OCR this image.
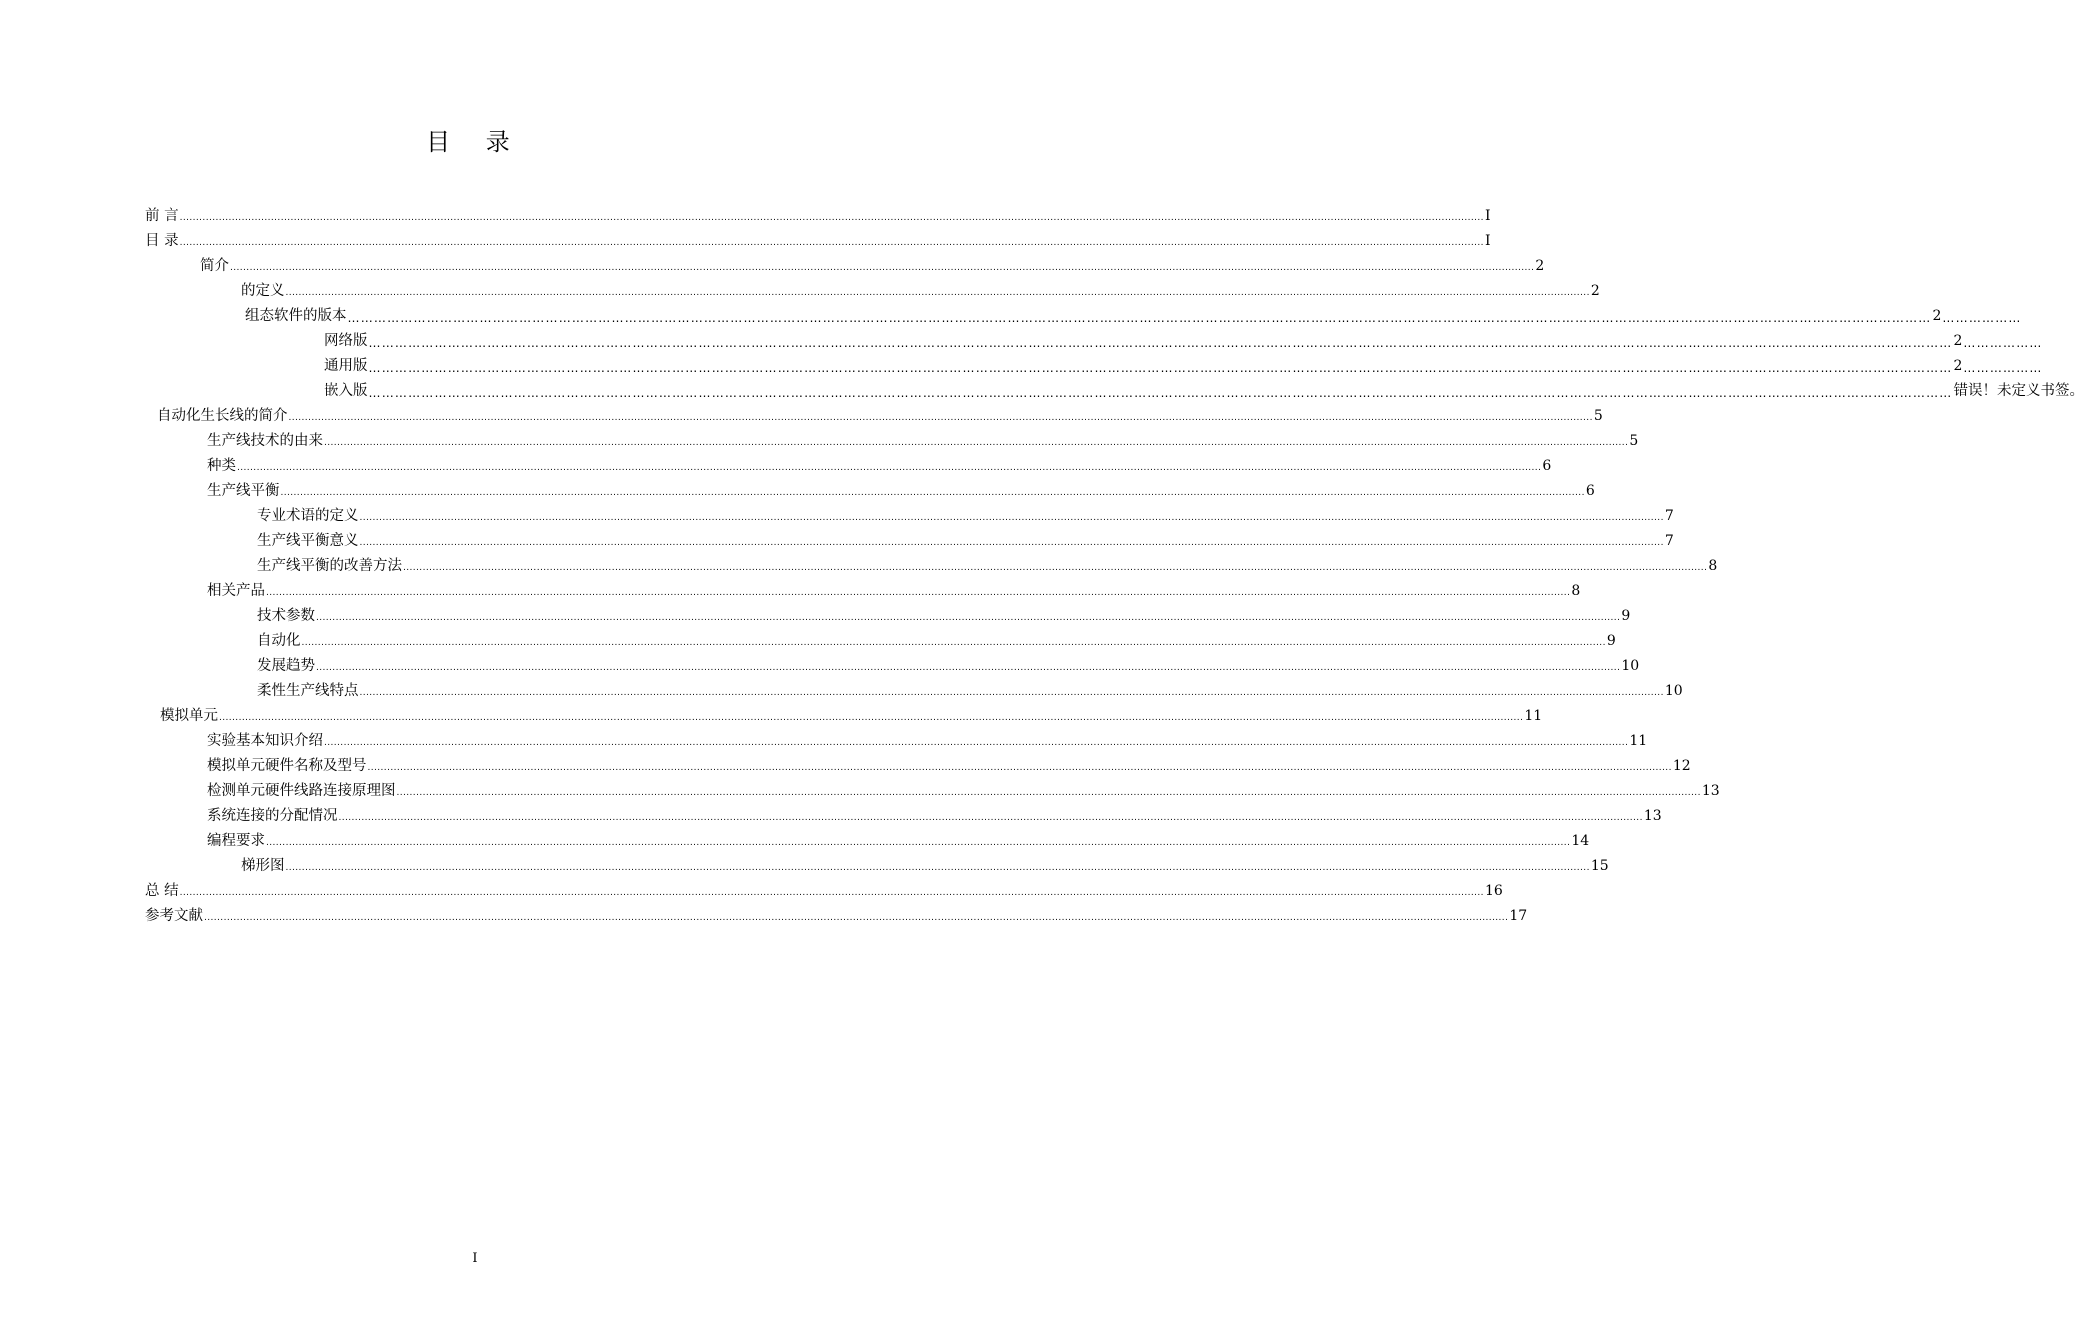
目 录
前 言 ................................................................................................................................................................................................................................................................................................................................................................................................................ I
目 录 ................................................................................................................................................................................................................................................................................................................................................................................................................ I
简介 ................................................................................................................................................................................................................................................................................................................................................................................................................ 2
的定义 ................................................................................................................................................................................................................................................................................................................................................................................................................ 2
组态软件的版本 ……………………………………………………………………………………………………………………………………………………………………………………………………………………………………………………………………………………………………………………………… 2 ………………
网络版 ……………………………………………………………………………………………………………………………………………………………………………………………………………………………………………………………………………………………………………………………… 2 ………………
通用版 ……………………………………………………………………………………………………………………………………………………………………………………………………………………………………………………………………………………………………………………………… 2 ………………
嵌入版 ……………………………………………………………………………………………………………………………………………………………………………………………………………………………………………………………………………………………………………………………… 错误！未定义书签。
自动化生长线的简介 ................................................................................................................................................................................................................................................................................................................................................................................................................ 5
生产线技术的由来 ................................................................................................................................................................................................................................................................................................................................................................................................................ 5
种类 ................................................................................................................................................................................................................................................................................................................................................................................................................ 6
生产线平衡 ................................................................................................................................................................................................................................................................................................................................................................................................................ 6
专业术语的定义 ................................................................................................................................................................................................................................................................................................................................................................................................................ 7
生产线平衡意义 ................................................................................................................................................................................................................................................................................................................................................................................................................ 7
生产线平衡的改善方法 ................................................................................................................................................................................................................................................................................................................................................................................................................ 8
相关产品 ................................................................................................................................................................................................................................................................................................................................................................................................................ 8
技术参数 ................................................................................................................................................................................................................................................................................................................................................................................................................ 9
自动化 ................................................................................................................................................................................................................................................................................................................................................................................................................ 9
发展趋势 ................................................................................................................................................................................................................................................................................................................................................................................................................ 10
柔性生产线特点 ................................................................................................................................................................................................................................................................................................................................................................................................................ 10
模拟单元 ................................................................................................................................................................................................................................................................................................................................................................................................................ 11
实验基本知识介绍 ................................................................................................................................................................................................................................................................................................................................................................................................................ 11
模拟单元硬件名称及型号 ................................................................................................................................................................................................................................................................................................................................................................................................................ 12
检测单元硬件线路连接原理图 ................................................................................................................................................................................................................................................................................................................................................................................................................ 13
系统连接的 分配情况 ................................................................................................................................................................................................................................................................................................................................................................................................................ 13
编程要求 ................................................................................................................................................................................................................................................................................................................................................................................................................ 14
梯形图 ................................................................................................................................................................................................................................................................................................................................................................................................................ 15
总 结 ................................................................................................................................................................................................................................................................................................................................................................................................................ 16
参考文献 ................................................................................................................................................................................................................................................................................................................................................................................................................ 17
I
